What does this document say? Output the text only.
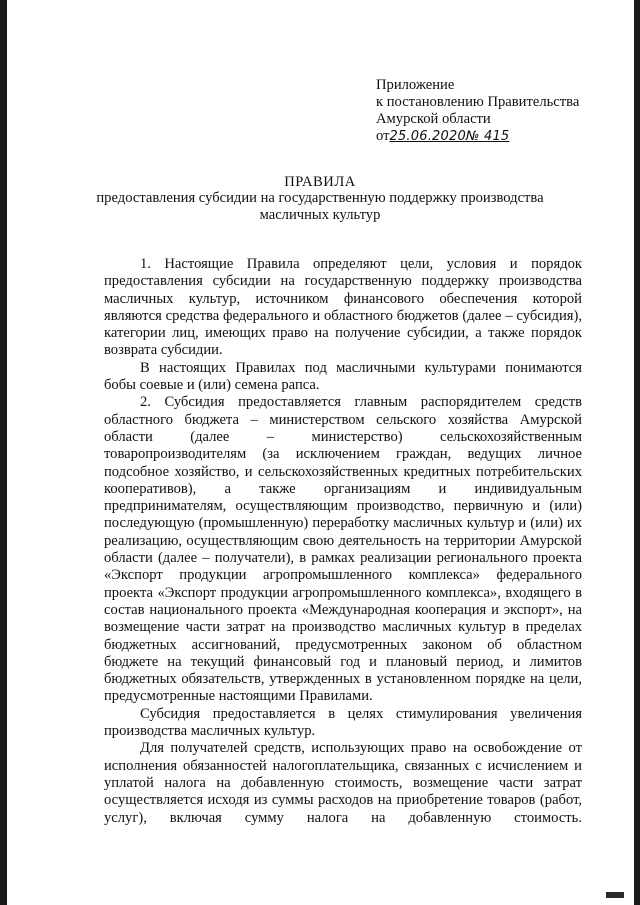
Приложение
к постановлению Правительства
Амурской области
от25.06.2020№ 415
ПРАВИЛА
предоставления субсидии на государственную поддержку производства масличных культур

1. Настоящие Правила определяют цели, условия и порядок предоставления субсидии на государственную поддержку производства масличных культур, источником финансового обеспечения которой являются средства федерального и областного бюджетов (далее – субсидия), категории лиц, имеющих право на получение субсидии, а также порядок возврата субсидии.

В настоящих Правилах под масличными культурами понимаются бобы соевые и (или) семена рапса.

2. Субсидия предоставляется главным распорядителем средств областного бюджета – министерством сельского хозяйства Амурской области (далее – министерство) сельскохозяйственным товаропроизводителям (за исключением граждан, ведущих личное подсобное хозяйство, и сельскохозяйственных кредитных потребительских кооперативов), а также организациям и индивидуальным предпринимателям, осуществляющим производство, первичную и (или) последующую (промышленную) переработку масличных культур и (или) их реализацию, осуществляющим свою деятельность на территории Амурской области (далее – получатели), в рамках реализации регионального проекта «Экспорт продукции агропромышленного комплекса» федерального проекта «Экспорт продукции агропромышленного комплекса», входящего в состав национального проекта «Международная кооперация и экспорт», на возмещение части затрат на производство масличных культур в пределах бюджетных ассигнований, предусмотренных законом об областном бюджете на текущий финансовый год и плановый период, и лимитов бюджетных обязательств, утвержденных в установленном порядке на цели, предусмотренные настоящими Правилами.

Субсидия предоставляется в целях стимулирования увеличения производства масличных культур.

Для получателей средств, использующих право на освобождение от исполнения обязанностей налогоплательщика, связанных с исчислением и уплатой налога на добавленную стоимость, возмещение части затрат осуществляется исходя из суммы расходов на приобретение товаров (работ, услуг), включая сумму налога на добавленную стоимость.
